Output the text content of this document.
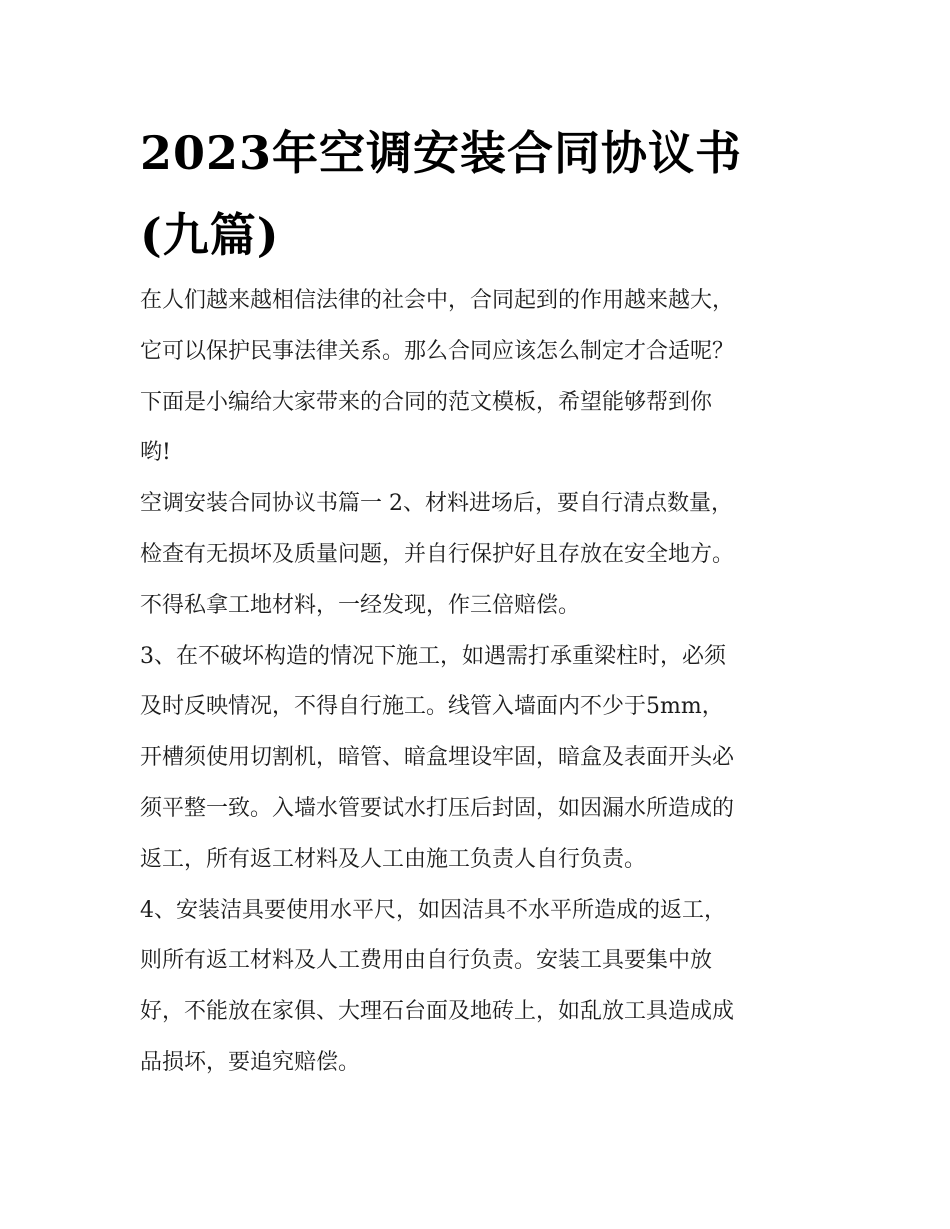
2023年空调安装合同协议书
(九篇)

在人们越来越相信法律的社会中，合同起到的作用越来越大，
它可以保护民事法律关系。那么合同应该怎么制定才合适呢？
下面是小编给大家带来的合同的范文模板，希望能够帮到你
哟!

空调安装合同协议书篇一 2、材料进场后，要自行清点数量，
检查有无损坏及质量问题，并自行保护好且存放在安全地方。
不得私拿工地材料，一经发现，作三倍赔偿。

3、在不破坏构造的情况下施工，如遇需打承重梁柱时，必须
及时反映情况，不得自行施工。线管入墙面内不少于5mm，
开槽须使用切割机，暗管、暗盒埋设牢固，暗盒及表面开头必
须平整一致。入墙水管要试水打压后封固，如因漏水所造成的
返工，所有返工材料及人工由施工负责人自行负责。

4、安装洁具要使用水平尺，如因洁具不水平所造成的返工，
则所有返工材料及人工费用由自行负责。安装工具要集中放
好，不能放在家俱、大理石台面及地砖上，如乱放工具造成成
品损坏，要追究赔偿。
